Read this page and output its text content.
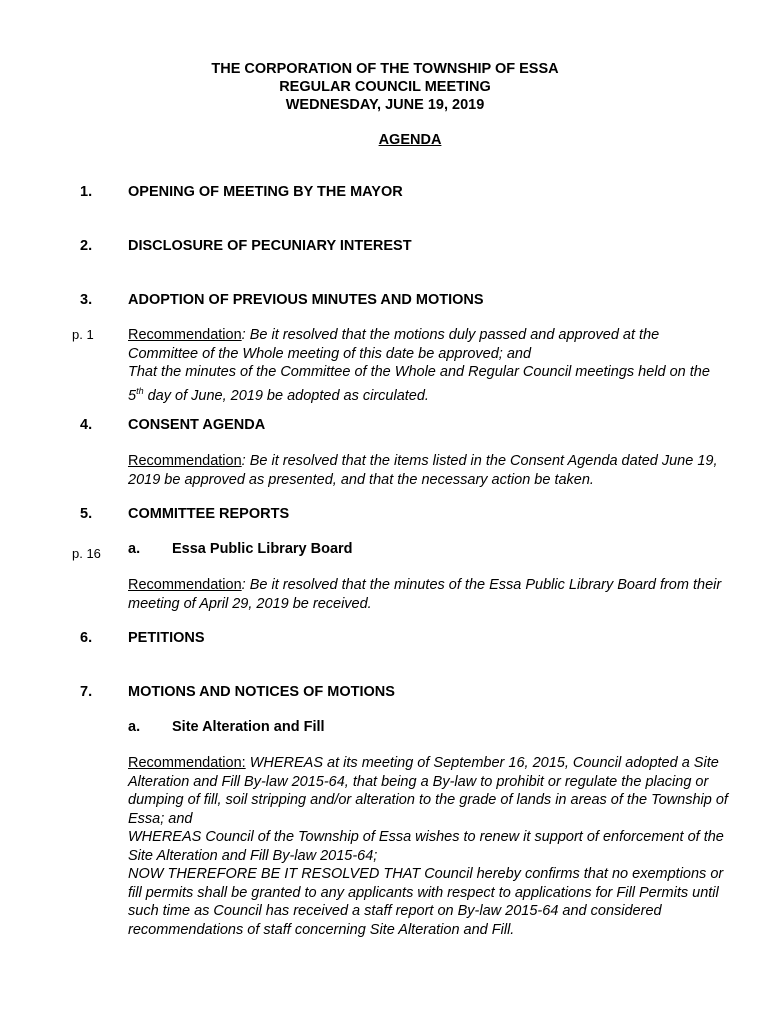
THE CORPORATION OF THE TOWNSHIP OF ESSA
REGULAR COUNCIL MEETING
WEDNESDAY, JUNE 19, 2019
AGENDA
1. OPENING OF MEETING BY THE MAYOR
2. DISCLOSURE OF PECUNIARY INTEREST
3. ADOPTION OF PREVIOUS MINUTES AND MOTIONS
p. 1 Recommendation: Be it resolved that the motions duly passed and approved at the Committee of the Whole meeting of this date be approved; and

That the minutes of the Committee of the Whole and Regular Council meetings held on the 5th day of June, 2019 be adopted as circulated.

4. CONSENT AGENDA

Recommendation: Be it resolved that the items listed in the Consent Agenda dated June 19, 2019 be approved as presented, and that the necessary action be taken.

5. COMMITTEE REPORTS
p. 16 a. Essa Public Library Board

Recommendation: Be it resolved that the minutes of the Essa Public Library Board from their meeting of April 29, 2019 be received.

6. PETITIONS
7. MOTIONS AND NOTICES OF MOTIONS
a. Site Alteration and Fill

Recommendation: WHEREAS at its meeting of September 16, 2015, Council adopted a Site Alteration and Fill By-law 2015-64, that being a By-law to prohibit or regulate the placing or dumping of fill, soil stripping and/or alteration to the grade of lands in areas of the Township of Essa; and

WHEREAS Council of the Township of Essa wishes to renew it support of enforcement of the Site Alteration and Fill By-law 2015-64;

NOW THEREFORE BE IT RESOLVED THAT Council hereby confirms that no exemptions or fill permits shall be granted to any applicants with respect to applications for Fill Permits until such time as Council has received a staff report on By-law 2015-64 and considered recommendations of staff concerning Site Alteration and Fill.
